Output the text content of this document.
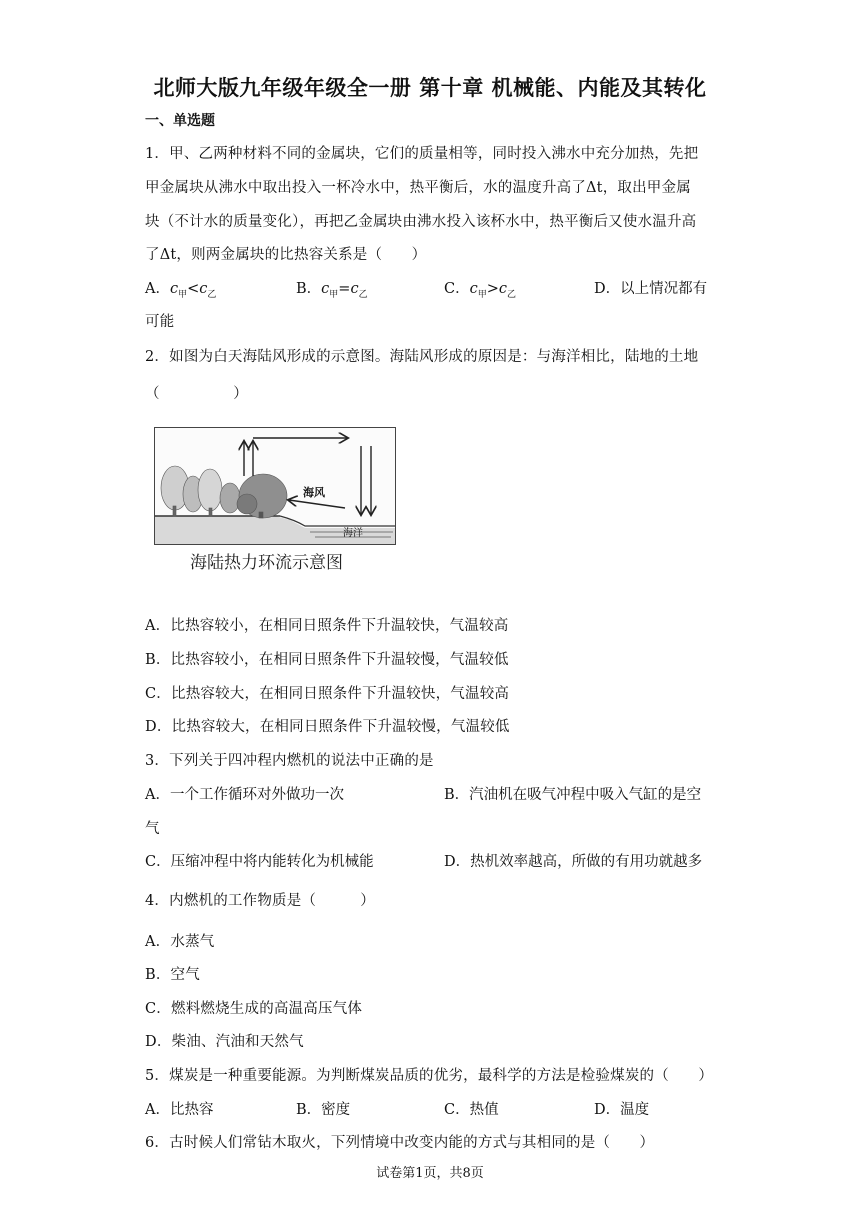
北师大版九年级年级全一册 第十章 机械能、内能及其转化
一、单选题
1．甲、乙两种材料不同的金属块，它们的质量相等，同时投入沸水中充分加热，先把
甲金属块从沸水中取出投入一杯冷水中，热平衡后，水的温度升高了Δt，取出甲金属
块（不计水的质量变化），再把乙金属块由沸水投入该杯水中，热平衡后又使水温升高
了Δt，则两金属块的比热容关系是（　　）
A．$c_甲<c_乙$	B．$c_甲=c_乙$	C．$c_甲>c_乙$	D．以上情况都有
可能
2．如图为白天海陆风形成的示意图。海陆风形成的原因是：与海洋相比，陆地的土地
（　　　　　）
海风
海洋
海陆热力环流示意图
A．比热容较小，在相同日照条件下升温较快，气温较高
B．比热容较小，在相同日照条件下升温较慢，气温较低
C．比热容较大，在相同日照条件下升温较快，气温较高
D．比热容较大，在相同日照条件下升温较慢，气温较低
3．下列关于四冲程内燃机的说法中正确的是
A．一个工作循环对外做功一次	B．汽油机在吸气冲程中吸入气缸的是空
气
C．压缩冲程中将内能转化为机械能	D．热机效率越高，所做的有用功就越多
4．内燃机的工作物质是（　　　）
A．水蒸气
B．空气
C．燃料燃烧生成的高温高压气体
D．柴油、汽油和天然气
5．煤炭是一种重要能源。为判断煤炭品质的优劣，最科学的方法是检验煤炭的（　　）
A．比热容	B．密度	C．热值	D．温度
6．古时候人们常钻木取火，下列情境中改变内能的方式与其相同的是（　　）
试卷第1页，共8页
